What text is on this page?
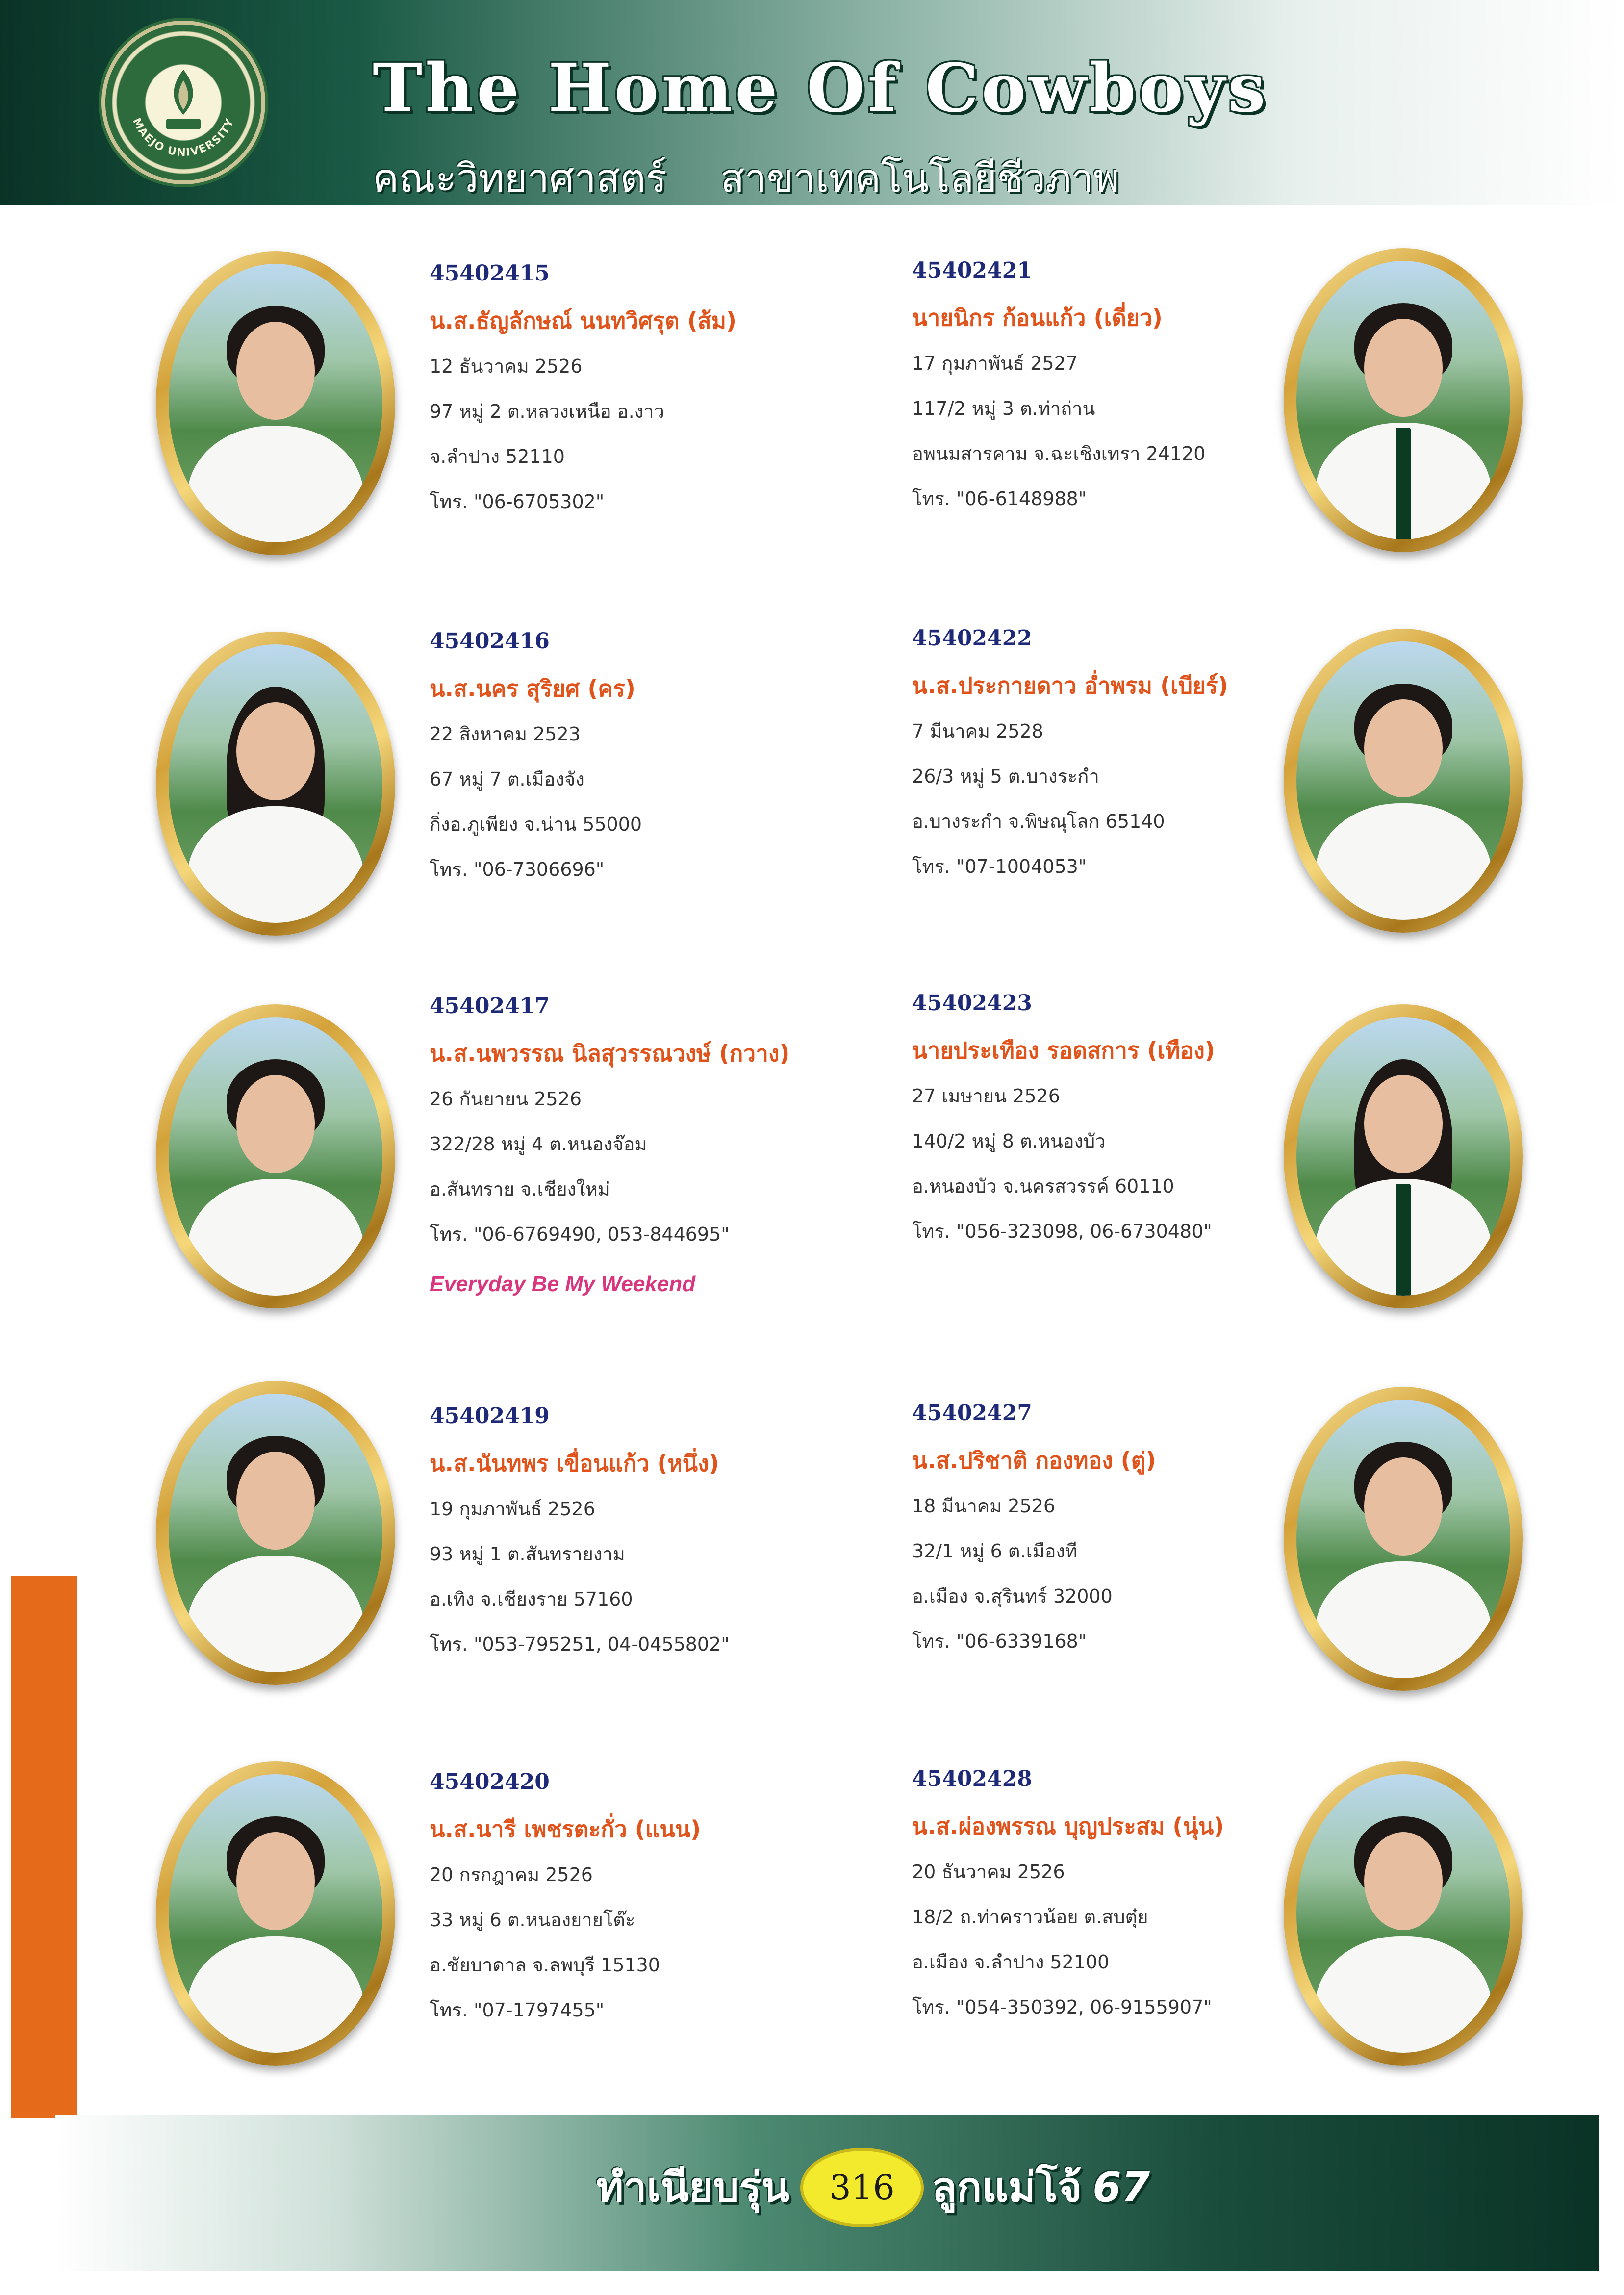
MAEJO UNIVERSITY The Home Of Cowboys
คณะวิทยาศาสตร์ สาขาเทคโนโลยีชีวภาพ
45402415
น.ส.ธัญลักษณ์ นนทวิศรุต (ส้ม)
12 ธันวาคม 2526
97 หมู่ 2 ต.หลวงเหนือ อ.งาว
จ.ลำปาง 52110
โทร. "06-6705302"
45402421
นายนิกร ก้อนแก้ว (เดี่ยว)
17 กุมภาพันธ์ 2527
117/2 หมู่ 3 ต.ท่าถ่าน
อพนมสารคาม จ.ฉะเชิงเทรา 24120
โทร. "06-6148988"
45402416
น.ส.นคร สุริยศ (คร)
22 สิงหาคม 2523
67 หมู่ 7 ต.เมืองจัง
กิ่งอ.ภูเพียง จ.น่าน 55000
โทร. "06-7306696"
45402422
น.ส.ประกายดาว อ่ำพรม (เบียร์)
7 มีนาคม 2528
26/3 หมู่ 5 ต.บางระกำ
อ.บางระกำ จ.พิษณุโลก 65140
โทร. "07-1004053"
45402417
น.ส.นพวรรณ นิลสุวรรณวงษ์ (กวาง)
26 กันยายน 2526
322/28 หมู่ 4 ต.หนองจ๊อม
อ.สันทราย จ.เชียงใหม่
โทร. "06-6769490, 053-844695"
Everyday Be My Weekend
45402423
นายประเทือง รอดสการ (เทือง)
27 เมษายน 2526
140/2 หมู่ 8 ต.หนองบัว
อ.หนองบัว จ.นครสวรรค์ 60110
โทร. "056-323098, 06-6730480"
45402419
น.ส.นันทพร เขื่อนแก้ว (หนึ่ง)
19 กุมภาพันธ์ 2526
93 หมู่ 1 ต.สันทรายงาม
อ.เทิง จ.เชียงราย 57160
โทร. "053-795251, 04-0455802"
45402427
น.ส.ปริชาติ กองทอง (ตู่)
18 มีนาคม 2526
32/1 หมู่ 6 ต.เมืองที
อ.เมือง จ.สุรินทร์ 32000
โทร. "06-6339168"
45402420
น.ส.นารี เพชรตะกั่ว (แนน)
20 กรกฎาคม 2526
33 หมู่ 6 ต.หนองยายโต๊ะ
อ.ชัยบาดาล จ.ลพบุรี 15130
โทร. "07-1797455"
45402428
น.ส.ผ่องพรรณ บุญประสม (นุ่น)
20 ธันวาคม 2526
18/2 ถ.ท่าคราวน้อย ต.สบตุ๋ย
อ.เมือง จ.ลำปาง 52100
โทร. "054-350392, 06-9155907"
ทำเนียบรุ่น	316 ลูกแม่โจ้ 67
